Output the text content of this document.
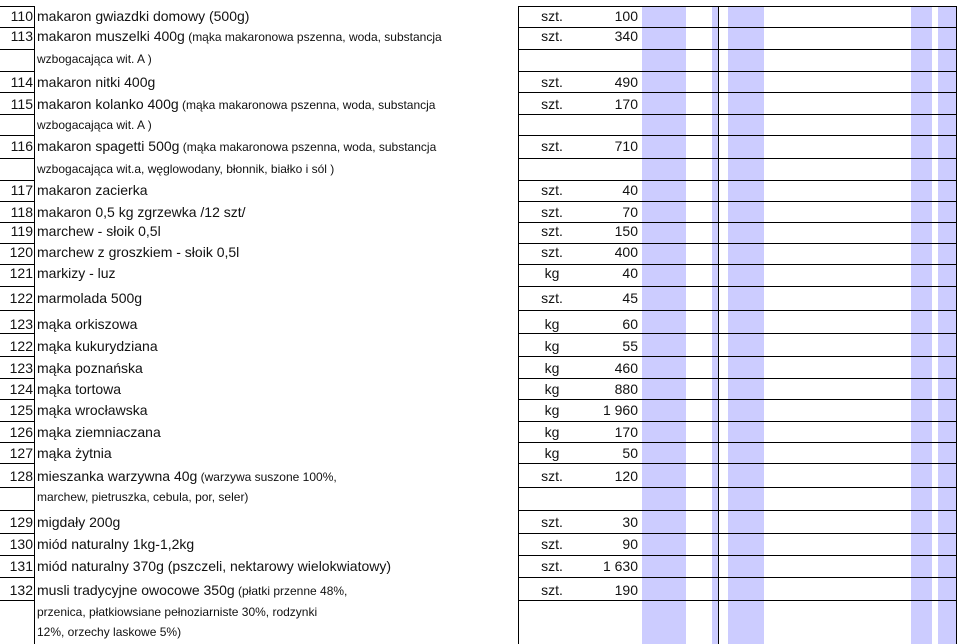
110 makaron gwiazdki domowy (500g)	szt.	100
113 makaron muszelki 400g (mąka makaronowa pszenna, woda, substancja	szt.	340
wzbogacająca wit. A )
114 makaron nitki 400g	szt.	490
115 makaron kolanko 400g (mąka makaronowa pszenna, woda, substancja	szt.	170
wzbogacająca wit. A )
116 makaron spagetti 500g (mąka makaronowa pszenna, woda, substancja	szt.	710
wzbogacająca wit.a, węglowodany, błonnik, białko i sól )
117 makaron zacierka	szt.	40
118 makaron 0,5 kg zgrzewka /12 szt/	szt.	70
119 marchew - słoik 0,5l	szt.	150
120 marchew z groszkiem - słoik 0,5l	szt.	400
121 markizy - luz	kg	40
122 marmolada 500g	szt.	45
123 mąka orkiszowa	kg	60
122 mąka kukurydziana	kg	55
123 mąka poznańska	kg	460
124 mąka tortowa	kg	880
125 mąka wrocławska	kg	1 960
126 mąka ziemniaczana	kg	170
127 mąka żytnia	kg	50
128 mieszanka warzywna 40g (warzywa suszone 100%,	szt.	120
marchew, pietruszka, cebula, por, seler)
129 migdały 200g	szt.	30
130 miód naturalny 1kg-1,2kg	szt.	90
131 miód naturalny 370g (pszczeli, nektarowy wielokwiatowy)	szt.	1 630
132 musli tradycyjne owocowe 350g (płatki przenne 48%,	szt.	190
przenica, płatkiowsiane pełnoziarniste 30%, rodzynki
12%, orzechy laskowe 5%)
